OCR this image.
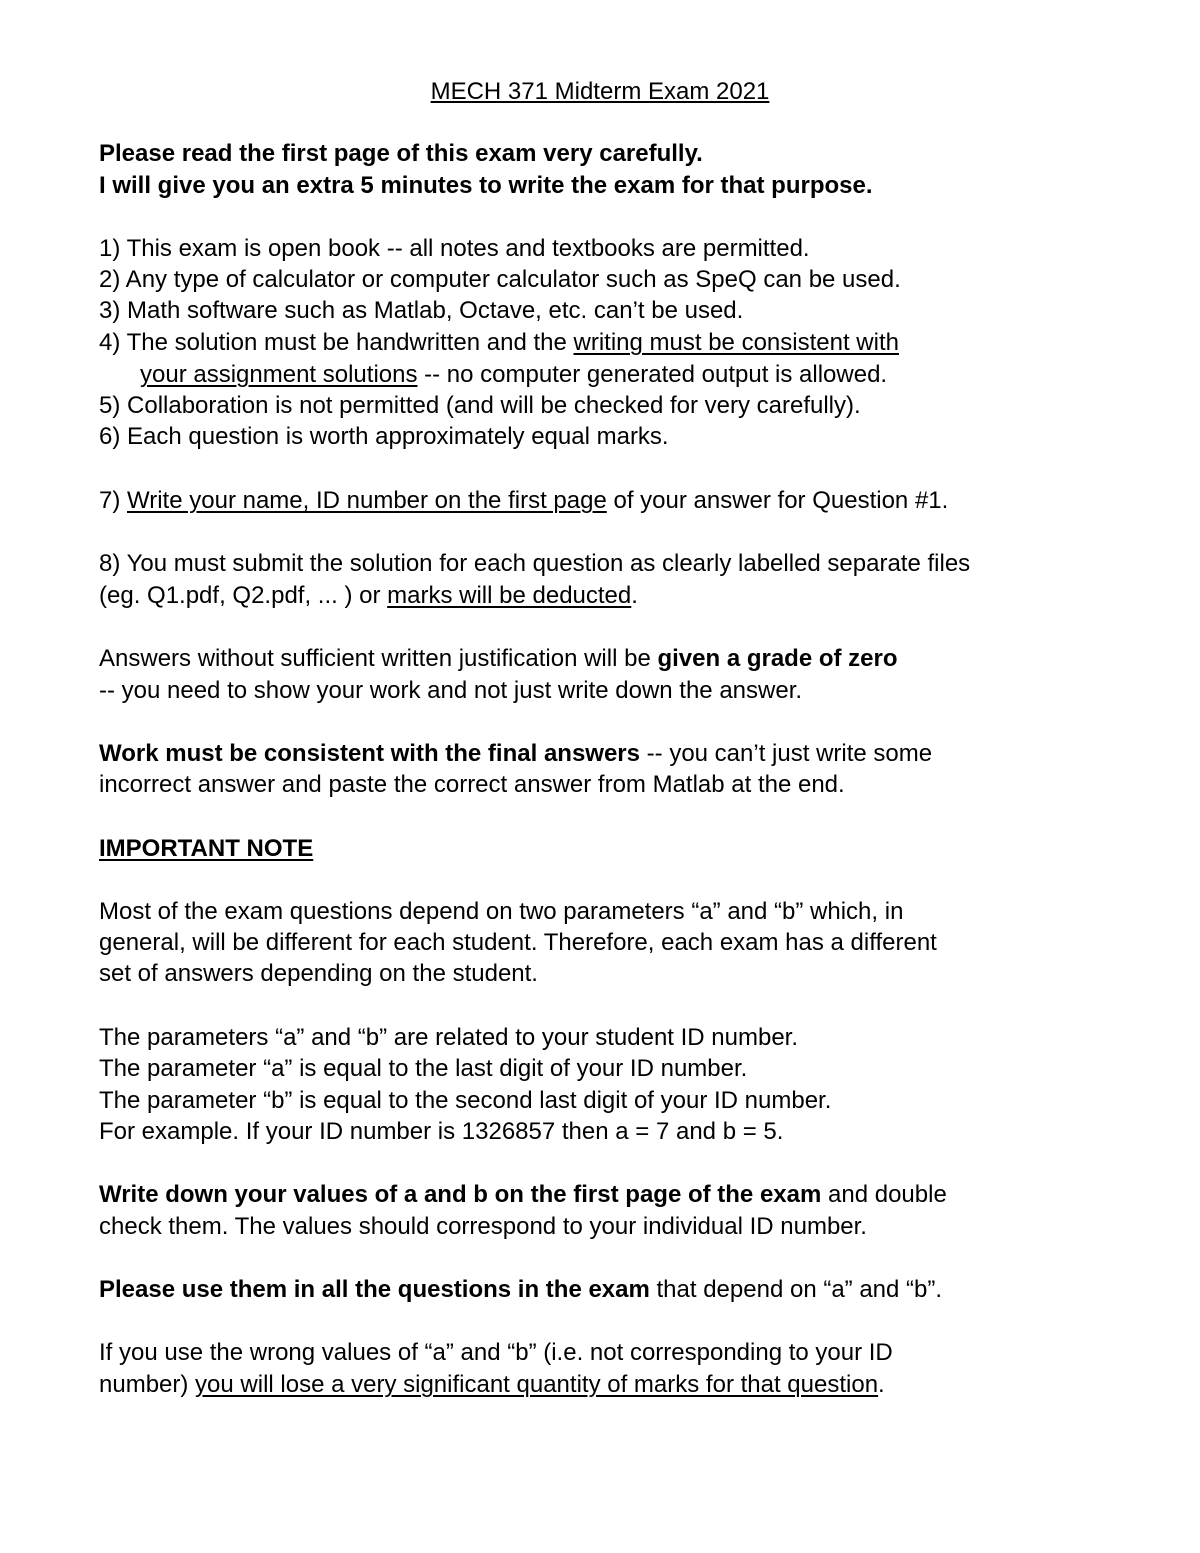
MECH 371 Midterm Exam 2021
Please read the first page of this exam very carefully.
I will give you an extra 5 minutes to write the exam for that purpose.
1) This exam is open book -- all notes and textbooks are permitted.
2) Any type of calculator or computer calculator such as SpeQ can be used.
3) Math software such as Matlab, Octave, etc. can’t be used.
4) The solution must be handwritten and the writing must be consistent with
your assignment solutions -- no computer generated output is allowed.
5) Collaboration is not permitted (and will be checked for very carefully).
6) Each question is worth approximately equal marks.
7) Write your name, ID number on the first page of your answer for Question #1.
8) You must submit the solution for each question as clearly labelled separate files
(eg. Q1.pdf, Q2.pdf, ... ) or marks will be deducted.
Answers without sufficient written justification will be given a grade of zero
-- you need to show your work and not just write down the answer.
Work must be consistent with the final answers -- you can’t just write some
incorrect answer and paste the correct answer from Matlab at the end.
IMPORTANT NOTE
Most of the exam questions depend on two parameters “a” and “b” which, in
general, will be different for each student. Therefore, each exam has a different
set of answers depending on the student.
The parameters “a” and “b” are related to your student ID number.
The parameter “a” is equal to the last digit of your ID number.
The parameter “b” is equal to the second last digit of your ID number.
For example. If your ID number is 1326857 then a = 7 and b = 5.
Write down your values of a and b on the first page of the exam and double
check them. The values should correspond to your individual ID number.
Please use them in all the questions in the exam that depend on “a” and “b”.
If you use the wrong values of “a” and “b” (i.e. not corresponding to your ID
number) you will lose a very significant quantity of marks for that question.
